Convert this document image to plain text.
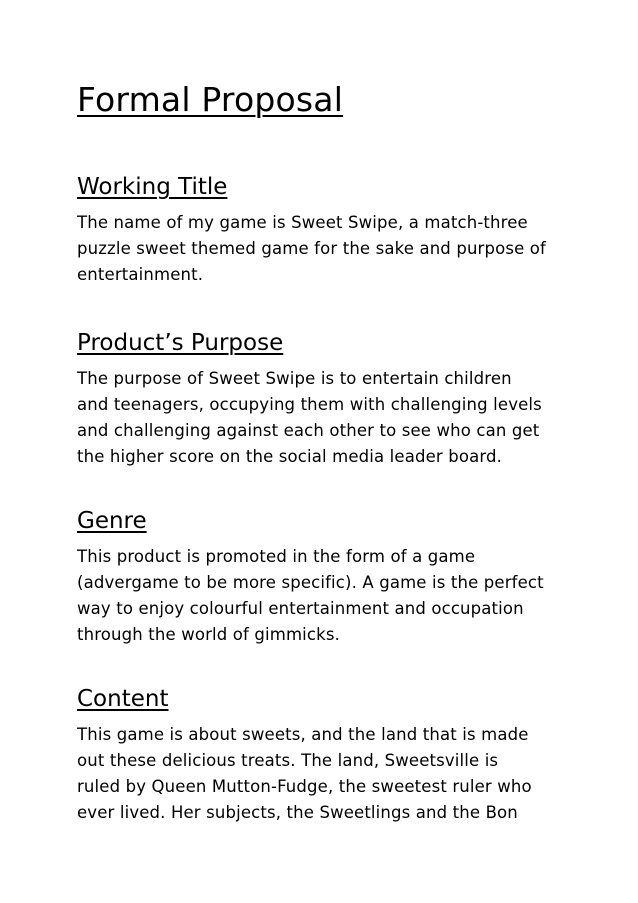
Formal Proposal
Working Title

The name of my game is Sweet Swipe, a match-three
puzzle sweet themed game for the sake and purpose of
entertainment.

Product’s Purpose

The purpose of Sweet Swipe is to entertain children
and teenagers, occupying them with challenging levels
and challenging against each other to see who can get
the higher score on the social media leader board.

Genre

This product is promoted in the form of a game
(advergame to be more specific). A game is the perfect
way to enjoy colourful entertainment and occupation
through the world of gimmicks.

Content

This game is about sweets, and the land that is made
out these delicious treats. The land, Sweetsville is
ruled by Queen Mutton-Fudge, the sweetest ruler who
ever lived. Her subjects, the Sweetlings and the Bon
